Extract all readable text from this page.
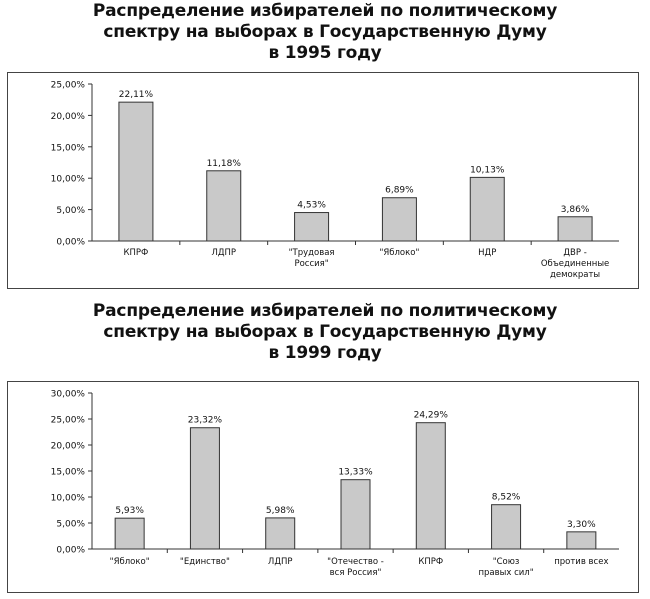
Распределение избирателей по политическому
спектру на выборах в Государственную Думу
в 1995 году
0,00%
5,00%
10,00%
15,00%
20,00%
25,00%
22,11%
КПРФ
11,18%
ЛДПР
4,53%
"Трудовая
Россия"
6,89%
"Яблоко"
10,13%
НДР
3,86%
ДВР -
Объединенные
демократы
Распределение избирателей по политическому
спектру на выборах в Государственную Думу
в 1999 году
0,00%
5,00%
10,00%
15,00%
20,00%
25,00%
30,00%
5,93%
"Яблоко"
23,32%
"Единство"
5,98%
ЛДПР
13,33%
"Отечество -
вся Россия"
24,29%
КПРФ
8,52%
"Союз
правых сил"
3,30%
против всех
